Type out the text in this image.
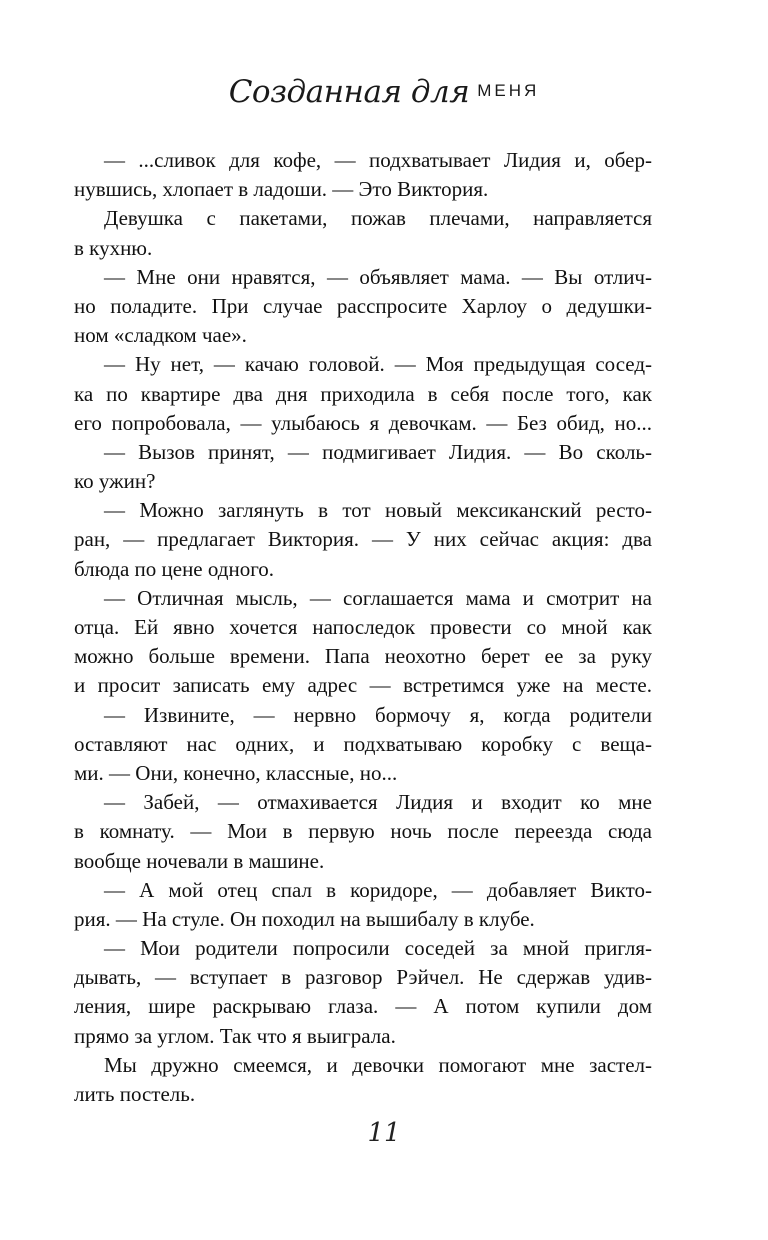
Созданная для МЕНЯ
— ...сливок для кофе, — подхватывает Лидия и, обер-
нувшись, хлопает в ладоши. — Это Виктория.
Девушка с пакетами, пожав плечами, направляется
в кухню.
— Мне они нравятся, — объявляет мама. — Вы отлич-
но поладите. При случае расспросите Харлоу о дедушки-
ном «сладком чае».
— Ну нет, — качаю головой. — Моя предыдущая сосед-
ка по квартире два дня приходила в себя после того, как
его попробовала, — улыбаюсь я девочкам. — Без обид, но...
— Вызов принят, — подмигивает Лидия. — Во сколь-
ко ужин?
— Можно заглянуть в тот новый мексиканский ресто-
ран, — предлагает Виктория. — У них сейчас акция: два
блюда по цене одного.
— Отличная мысль, — соглашается мама и смотрит на
отца. Ей явно хочется напоследок провести со мной как
можно больше времени. Папа неохотно берет ее за руку
и просит записать ему адрес — встретимся уже на месте.
— Извините, — нервно бормочу я, когда родители
оставляют нас одних, и подхватываю коробку с веща-
ми. — Они, конечно, классные, но...
— Забей, — отмахивается Лидия и входит ко мне
в комнату. — Мои в первую ночь после переезда сюда
вообще ночевали в машине.
— А мой отец спал в коридоре, — добавляет Викто-
рия. — На стуле. Он походил на вышибалу в клубе.
— Мои родители попросили соседей за мной пригля-
дывать, — вступает в разговор Рэйчел. Не сдержав удив-
ления, шире раскрываю глаза. — А потом купили дом
прямо за углом. Так что я выиграла.
Мы дружно смеемся, и девочки помогают мне застел-
лить постель.
11
